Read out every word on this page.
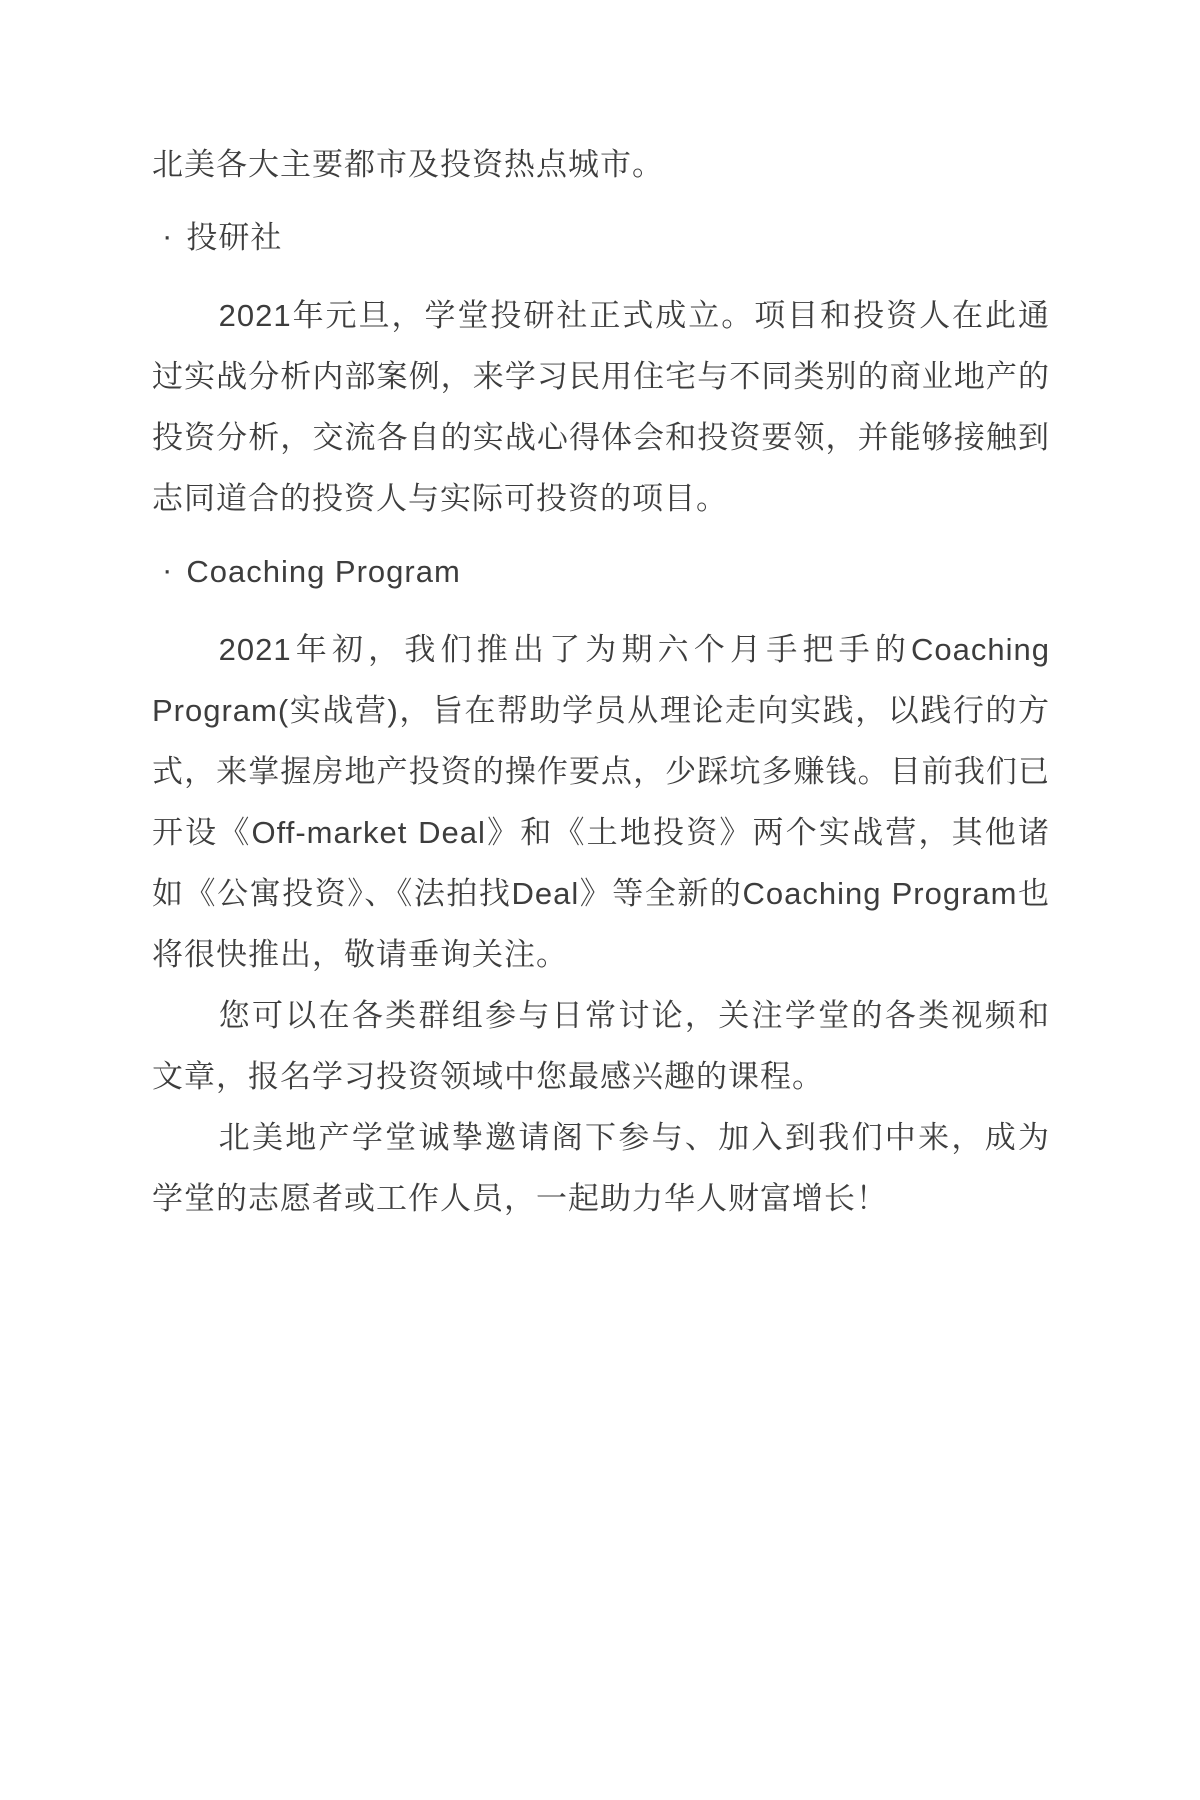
北美各大主要都市及投资热点城市。

· 投研社

2021年元旦，学堂投研社正式成立。项目和投资人在此通过实战分析内部案例，来学习民用住宅与不同类别的商业地产的投资分析，交流各自的实战心得体会和投资要领，并能够接触到志同道合的投资人与实际可投资的项目。

· Coaching Program

2021年初，我们推出了为期六个月手把手的Coaching Program(实战营)，旨在帮助学员从理论走向实践，以践行的方式，来掌握房地产投资的操作要点，少踩坑多赚钱。目前我们已开设《Off-market Deal》和《土地投资》两个实战营，其他诸如《公寓投资》、《法拍找Deal》等全新的Coaching Program也将很快推出，敬请垂询关注。

您可以在各类群组参与日常讨论，关注学堂的各类视频和文章，报名学习投资领域中您最感兴趣的课程。

北美地产学堂诚挚邀请阁下参与、加入到我们中来，成为学堂的志愿者或工作人员，一起助力华人财富增长！
